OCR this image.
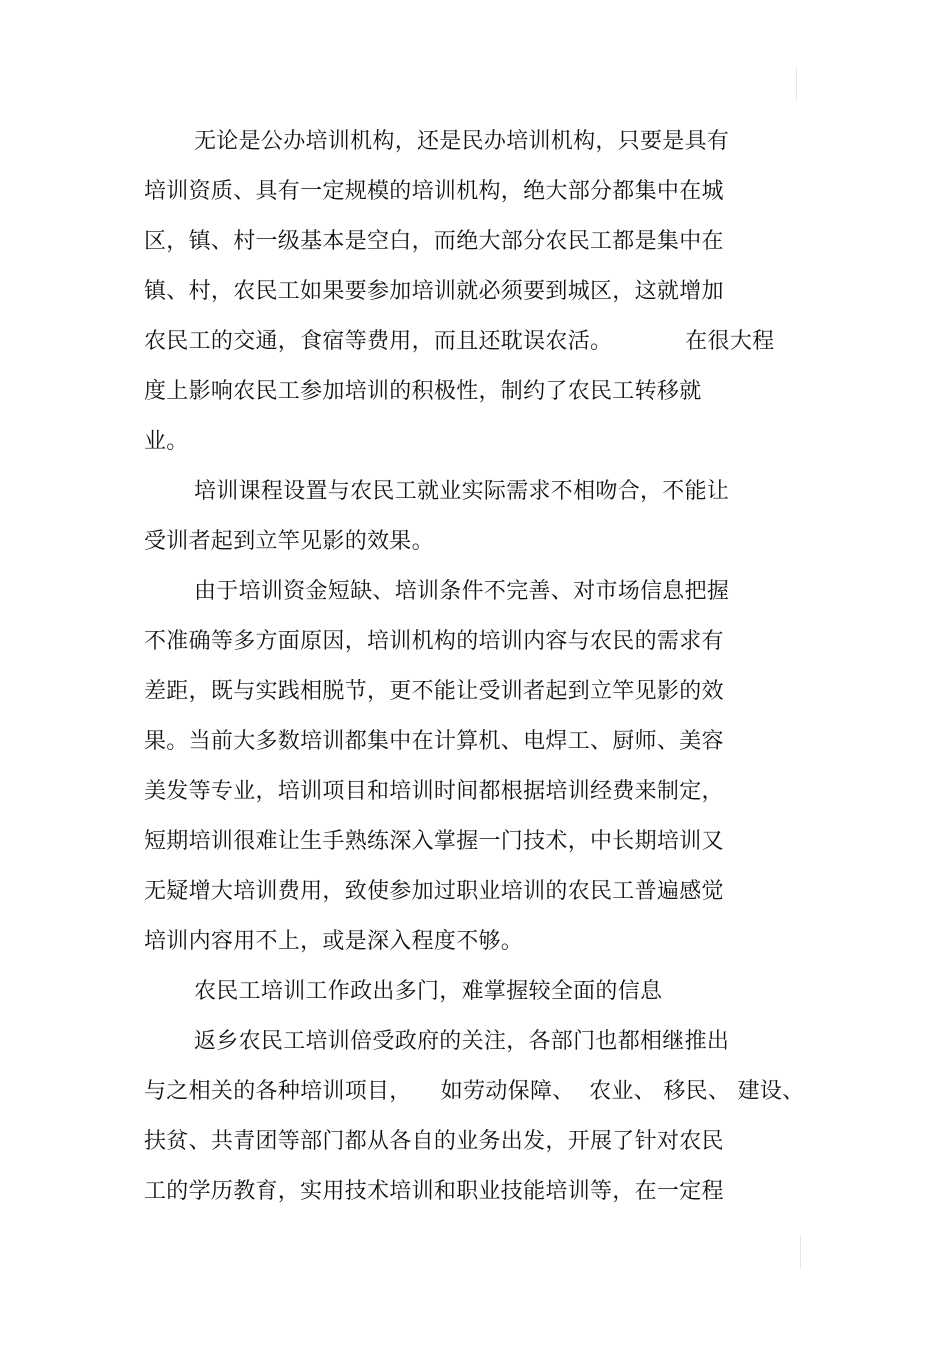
无论是公办培训机构，还是民办培训机构，只要是具有
培训资质、具有一定规模的培训机构，绝大部分都集中在城
区，镇、村一级基本是空白，而绝大部分农民工都是集中在
镇、村，农民工如果要参加培训就必须要到城区，这就增加
农民工的交通，食宿等费用，而且还耽误农活。          在很大程
度上影响农民工参加培训的积极性，制约了农民工转移就
业。
培训课程设置与农民工就业实际需求不相吻合，不能让
受训者起到立竿见影的效果。
由于培训资金短缺、培训条件不完善、对市场信息把握
不准确等多方面原因，培训机构的培训内容与农民的需求有
差距，既与实践相脱节，更不能让受训者起到立竿见影的效
果。当前大多数培训都集中在计算机、电焊工、厨师、美容
美发等专业，培训项目和培训时间都根据培训经费来制定，
短期培训很难让生手熟练深入掌握一门技术，中长期培训又
无疑增大培训费用，致使参加过职业培训的农民工普遍感觉
培训内容用不上，或是深入程度不够。
农民工培训工作政出多门，难掌握较全面的信息
返乡农民工培训倍受政府的关注，各部门也都相继推出
与之相关的各种培训项目，    如劳动保障、  农业、 移民、 建设、
扶贫、共青团等部门都从各自的业务出发，开展了针对农民
工的学历教育，实用技术培训和职业技能培训等，在一定程
